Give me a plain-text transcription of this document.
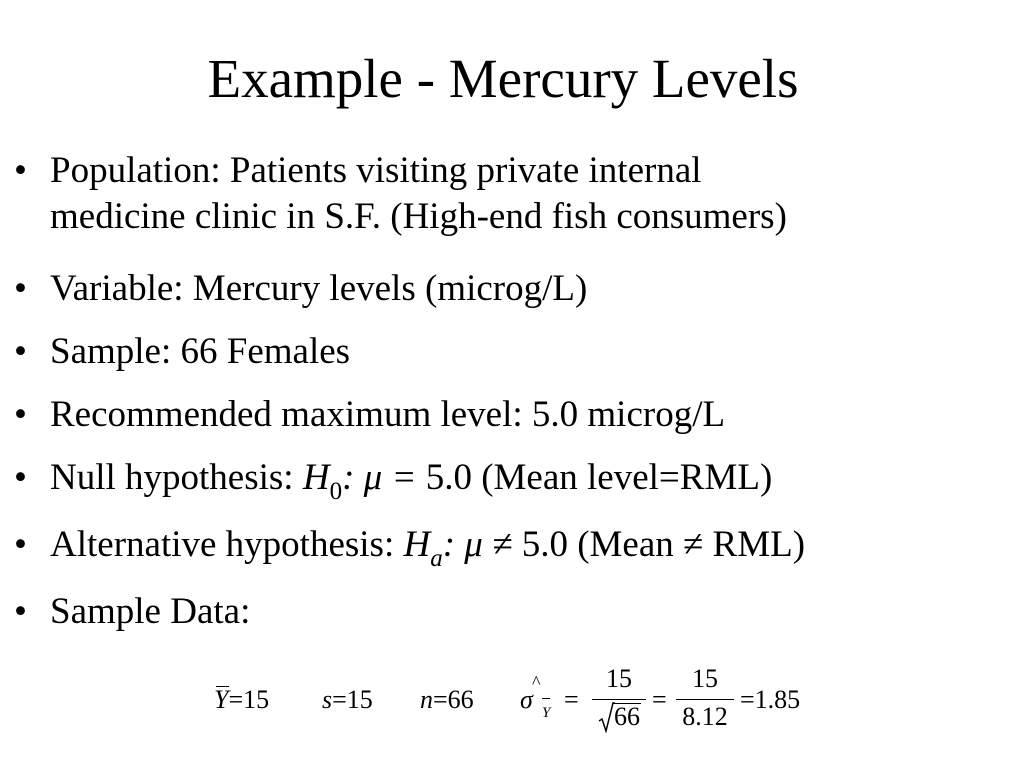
Example - Mercury Levels
• Population: Patients visiting private internal
medicine clinic in S.F. (High-end fish consumers)
• Variable: Mercury levels (microg/L)
• Sample: 66 Females
• Recommended maximum level: 5.0 microg/L
• Null hypothesis: $H_0$: μ = 5.0 (Mean level=RML)
• Alternative hypothesis: $H_a$: μ ≠ 5.0 (Mean ≠ RML)
• Sample Data:
Y=15 s=15 n=66 σ
^
Y =
15
66
=
15
8.12
=1.85
